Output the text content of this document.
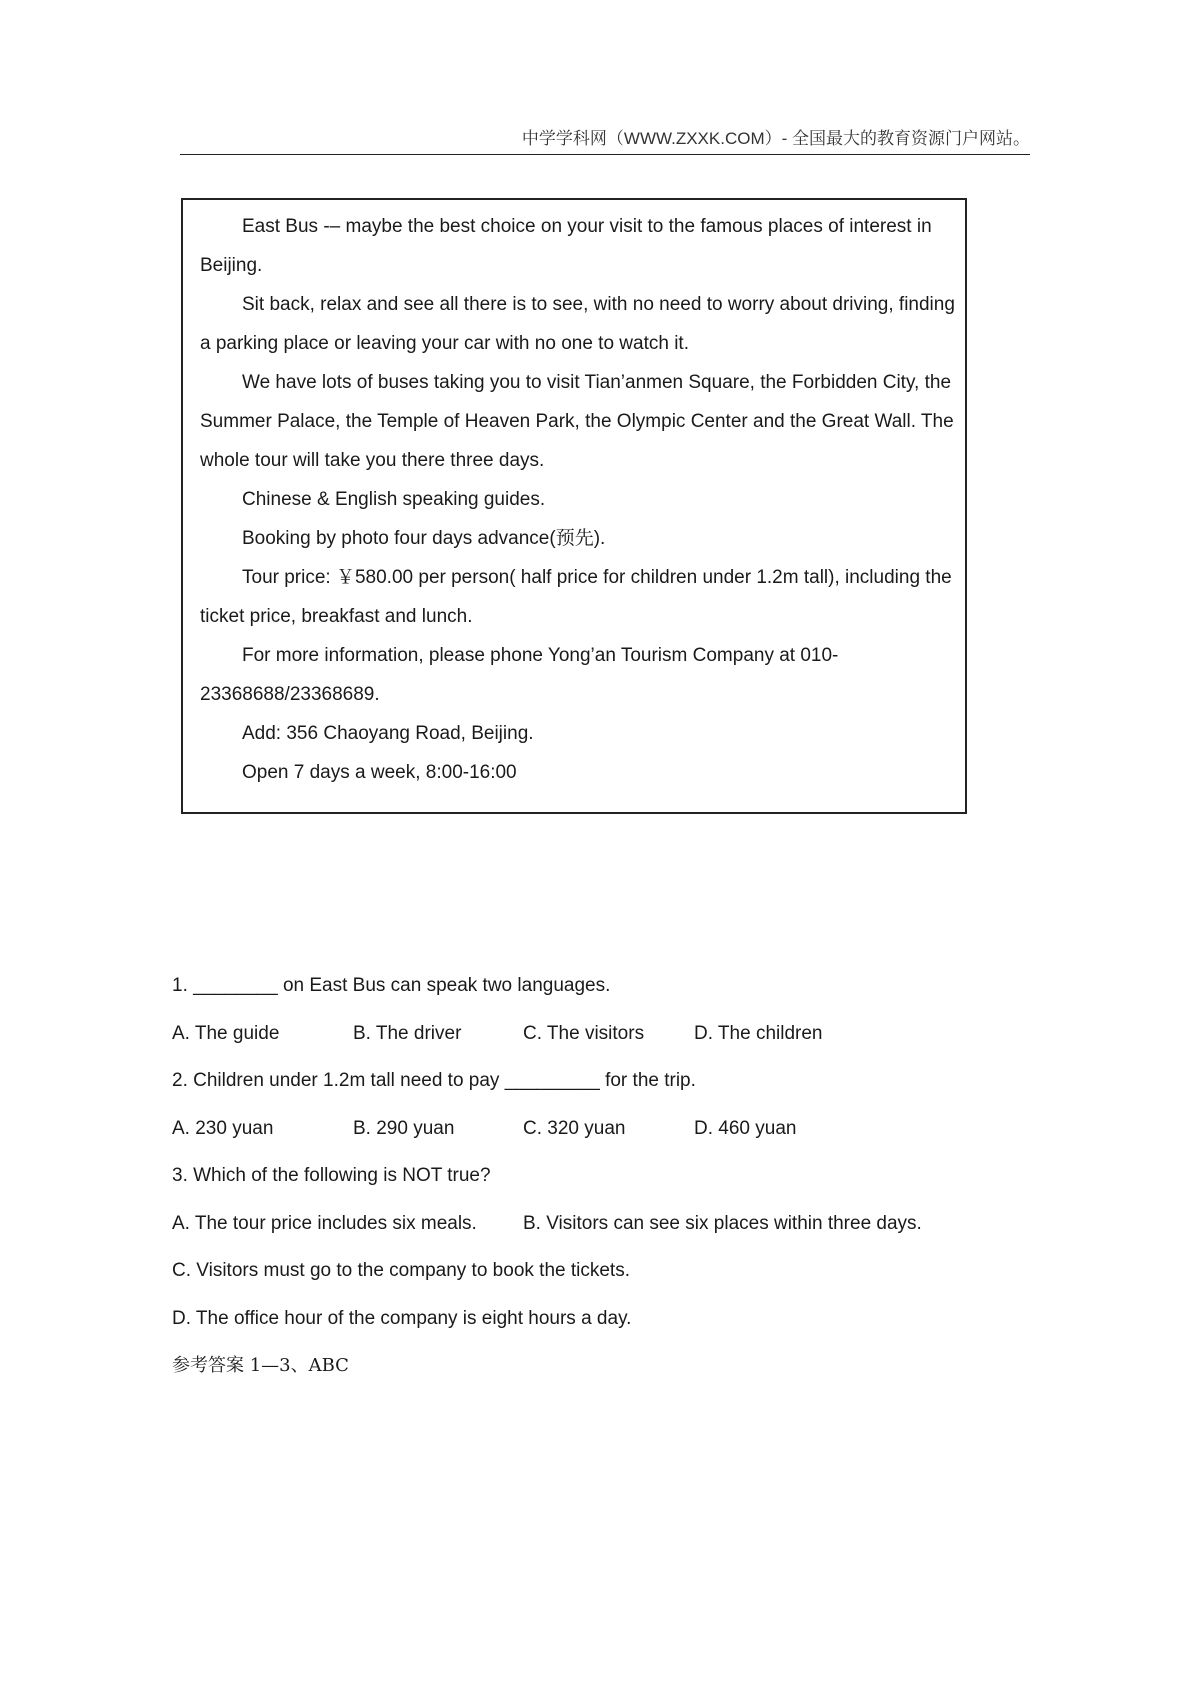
中学学科网（WWW.ZXXK.COM）- 全国最大的教育资源门户网站。

East Bus -– maybe the best choice on your visit to the famous places of interest in Beijing.

Sit back, relax and see all there is to see, with no need to worry about driving, finding a parking place or leaving your car with no one to watch it.

We have lots of buses taking you to visit Tian’anmen Square, the Forbidden City, the Summer Palace, the Temple of Heaven Park, the Olympic Center and the Great Wall. The whole tour will take you there three days.

Chinese & English speaking guides.

Booking by photo four days advance(预先).

Tour price: ￥580.00 per person( half price for children under 1.2m tall), including the ticket price, breakfast and lunch.

For more information, please phone Yong’an Tourism Company at 010-23368688/23368689.

Add: 356 Chaoyang Road, Beijing.

Open 7 days a week, 8:00-16:00

1. ________ on East Bus can speak two languages.
A. The guide	B. The driver	C. The visitors	D. The children
2. Children under 1.2m tall need to pay _________ for the trip.
A. 230 yuan	B. 290 yuan	C. 320 yuan	D. 460 yuan
3. Which of the following is NOT true?
A. The tour price includes six meals. B. Visitors can see six places within three days.
C. Visitors must go to the company to book the tickets.
D. The office hour of the company is eight hours a day.
参考答案 1—3、ABC
